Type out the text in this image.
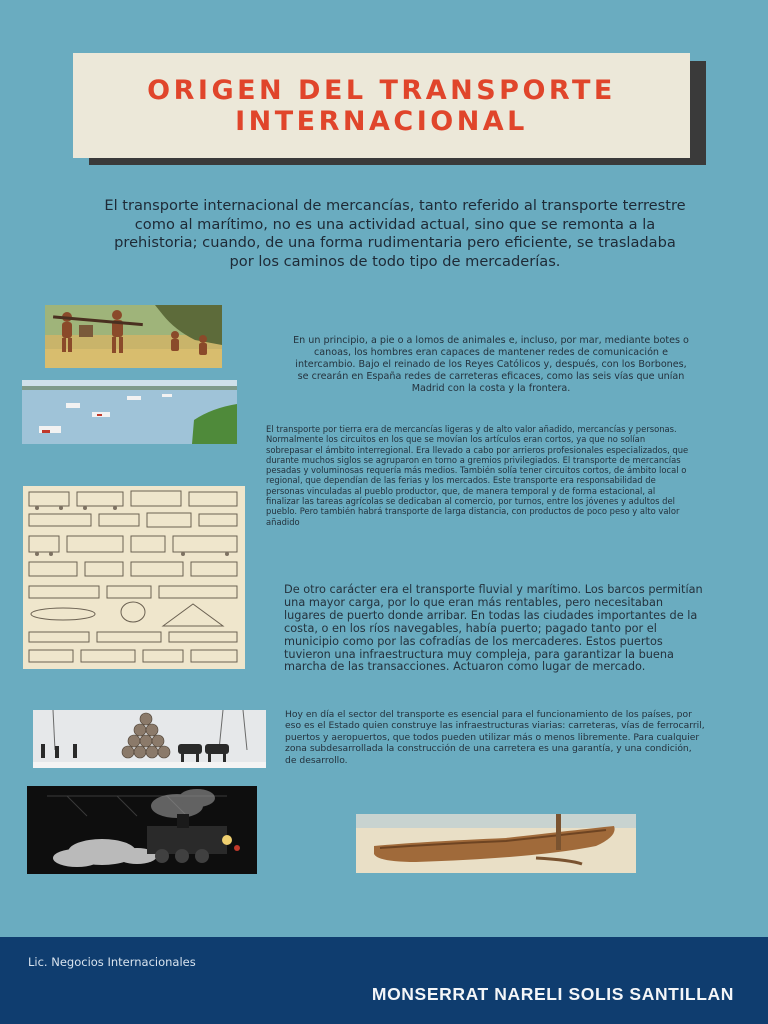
ORIGEN DEL TRANSPORTE
INTERNACIONAL
El transporte internacional de mercancías, tanto referido al transporte terrestre como al marítimo, no es una actividad actual, sino que se remonta a la prehistoria; cuando, de una forma rudimentaria pero eficiente, se trasladaba por los caminos de todo tipo de mercaderías.
En un principio, a pie o a lomos de animales e, incluso, por mar, mediante botes o canoas, los hombres eran capaces de mantener redes de comunicación e intercambio. Bajo el reinado de los Reyes Católicos y, después, con los Borbones, se crearán en España redes de carreteras eficaces, como las seis vías que unían Madrid con la costa y la frontera.
El transporte por tierra era de mercancías ligeras y de alto valor añadido, mercancías y personas. Normalmente los circuitos en los que se movían los artículos eran cortos, ya que no solían sobrepasar el ámbito interregional. Era llevado a cabo por arrieros profesionales especializados, que durante muchos siglos se agruparon en torno a gremios privilegiados. El transporte de mercancías pesadas y voluminosas requería más medios. También solía tener circuitos cortos, de ámbito local o regional, que dependían de las ferias y los mercados. Este transporte era responsabilidad de personas vinculadas al pueblo productor, que, de manera temporal y de forma estacional, al finalizar las tareas agrícolas se dedicaban al comercio, por turnos, entre los jóvenes y adultos del pueblo. Pero también habrá transporte de larga distancia, con productos de poco peso y alto valor añadido
De otro carácter era el transporte fluvial y marítimo. Los barcos permitían una mayor carga, por lo que eran más rentables, pero necesitaban lugares de puerto donde arribar. En todas las ciudades importantes de la costa, o en los ríos navegables, había puerto; pagado tanto por el municipio como por las cofradías de los mercaderes. Estos puertos tuvieron una infraestructura muy compleja, para garantizar la buena marcha de las transacciones. Actuaron como lugar de mercado.
Hoy en día el sector del transporte es esencial para el funcionamiento de los países, por eso es el Estado quien construye las infraestructuras viarias: carreteras, vías de ferrocarril, puertos y aeropuertos, que todos pueden utilizar más o menos libremente. Para cualquier zona subdesarrollada la construcción de una carretera es una garantía, y una condición, de desarrollo.
Lic. Negocios Internacionales
MONSERRAT NARELI SOLIS SANTILLAN
